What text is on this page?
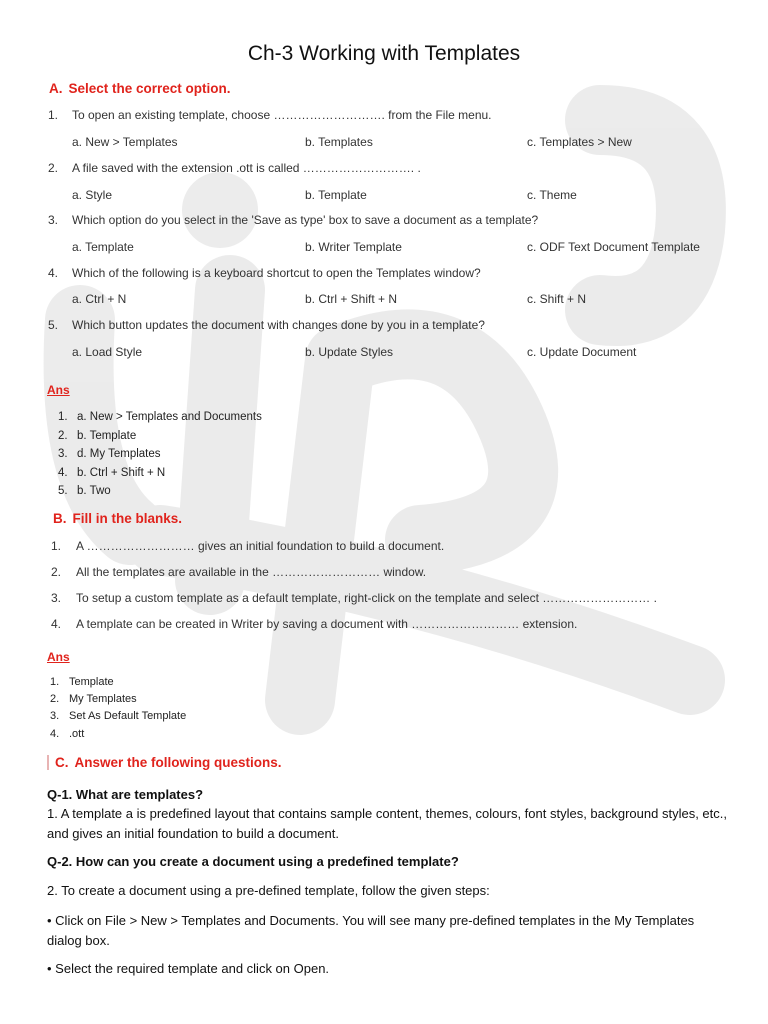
Ch-3 Working with Templates
A. Select the correct option.
1. To open an existing template, choose ………………………. from the File menu.
a. New > Templates	b. Templates	c. Templates > New
2. A file saved with the extension .ott is called ………………………. .
a. Style	b. Template	c. Theme
3. Which option do you select in the 'Save as type' box to save a document as a template?
a. Template	b. Writer Template	c. ODF Text Document Template
4. Which of the following is a keyboard shortcut to open the Templates window?
a. Ctrl + N	b. Ctrl + Shift + N	c. Shift + N
5. Which button updates the document with changes done by you in a template?
a. Load Style	b. Update Styles	c. Update Document
Ans
1. a. New > Templates and Documents
2. b. Template
3. d. My Templates
4. b. Ctrl + Shift + N
5. b. Two
B. Fill in the blanks.
1. A ……………………… gives an initial foundation to build a document.
2. All the templates are available in the ……………………… window.
3. To setup a custom template as a default template, right-click on the template and select ……………………… .
4. A template can be created in Writer by saving a document with ……………………… extension.
Ans
1. Template
2. My Templates
3. Set As Default Template
4. .ott
C. Answer the following questions.
Q-1. What are templates?
1. A template a is predefined layout that contains sample content, themes, colours, font styles, background styles, etc., and gives an initial foundation to build a document.
Q-2. How can you create a document using a predefined template?
2. To create a document using a pre-defined template, follow the given steps:
• Click on File > New > Templates and Documents. You will see many pre-defined templates in the My Templates dialog box.
• Select the required template and click on Open.
